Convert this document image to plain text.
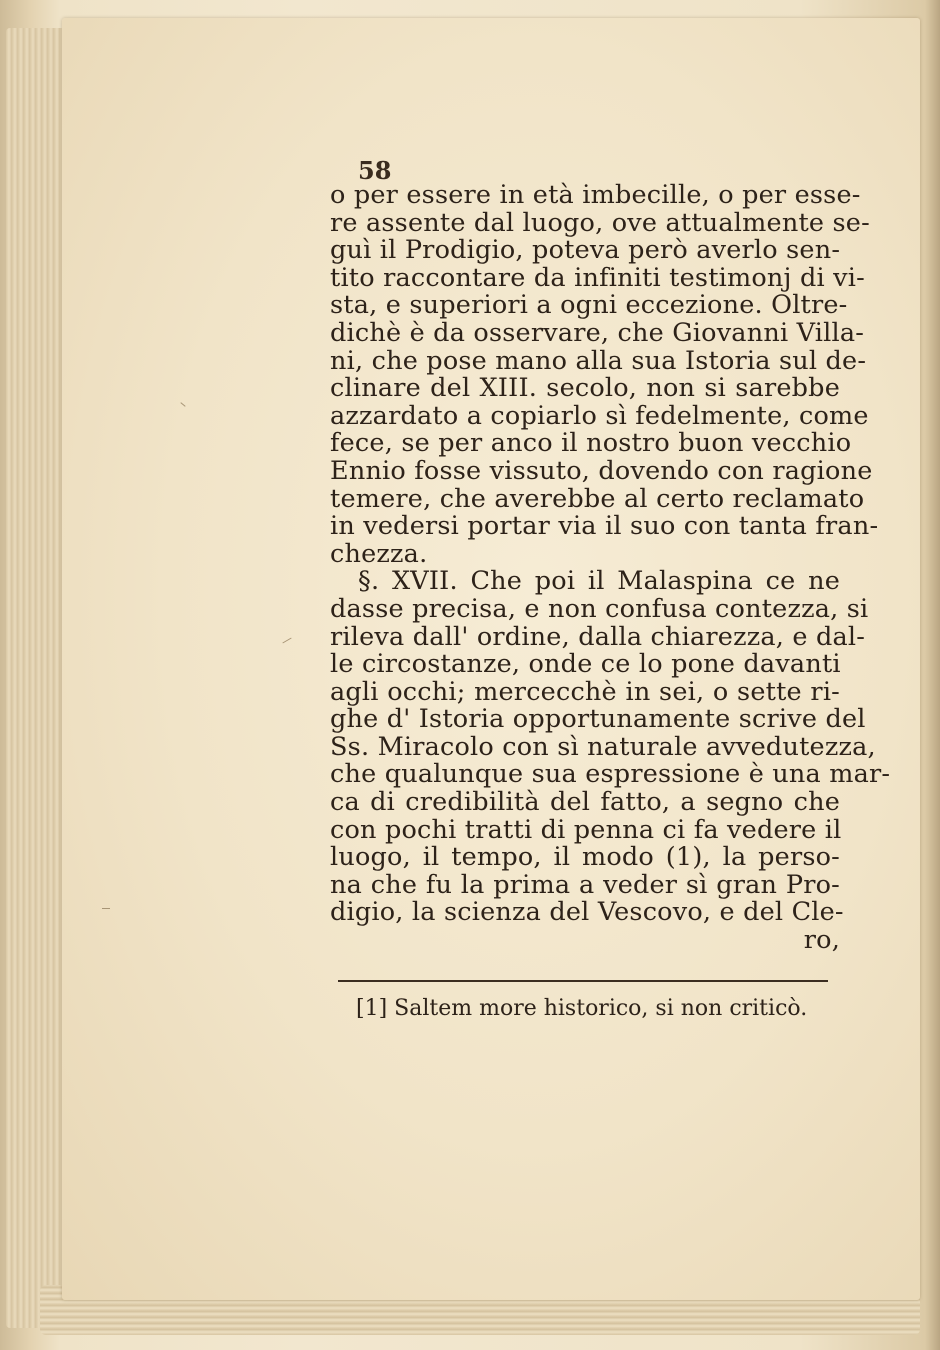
58
o per essere in età imbecille, o per esse-
re assente dal luogo, ove attualmente se-
guì il Prodigio, poteva però averlo sen-
tito raccontare da infiniti testimonj di vi-
sta, e superiori a ogni eccezione. Oltre-
dichè è da osservare, che Giovanni Villa-
ni, che pose mano alla sua Istoria sul de-
clinare del XIII. secolo, non si sarebbe
azzardato a copiarlo sì fedelmente, come
fece, se per anco il nostro buon vecchio
Ennio fosse vissuto, dovendo con ragione
temere, che averebbe al certo reclamato
in vedersi portar via il suo con tanta fran-
chezza.
§. XVII. Che poi il Malaspina ce ne
dasse precisa, e non confusa contezza, si
rileva dall' ordine, dalla chiarezza, e dal-
le circostanze, onde ce lo pone davanti
agli occhi; mercecchè in sei, o sette ri-
ghe d' Istoria opportunamente scrive del
Ss. Miracolo con sì naturale avvedutezza,
che qualunque sua espressione è una mar-
ca di credibilità del fatto, a segno che
con pochi tratti di penna ci fa vedere il
luogo, il tempo, il modo (1), la perso-
na che fu la prima a veder sì gran Pro-
digio, la scienza del Vescovo, e del Cle-
ro,
[1] Saltem more historico, si non criticò.
